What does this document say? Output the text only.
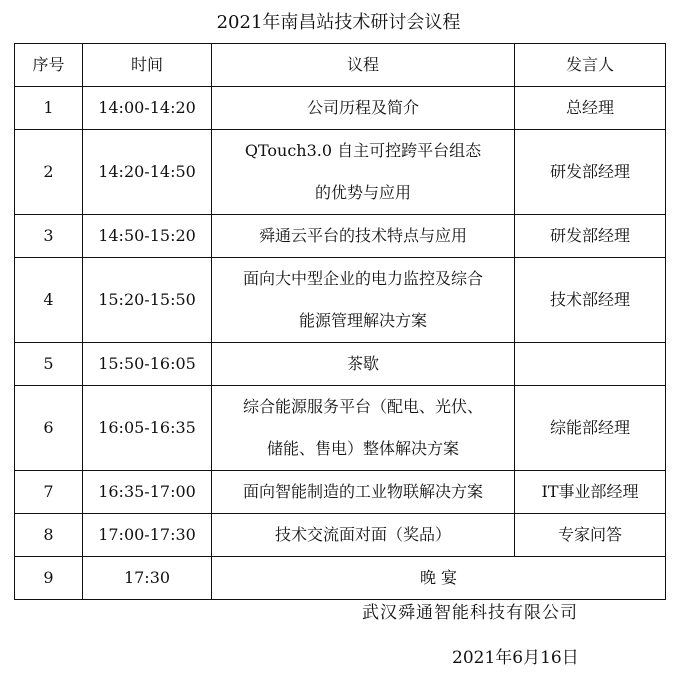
2021年南昌站技术研讨会议程
序号	时间	议程	发言人
1	14:00-14:20	公司历程及简介	总经理
2	14:20-14:50	QTouch3.0 自主可控跨平台组态
的优势与应用	研发部经理
3	14:50-15:20	舜通云平台的技术特点与应用	研发部经理
4	15:20-15:50	面向大中型企业的电力监控及综合
能源管理解决方案	技术部经理
5	15:50-16:05	茶歇	

6	16:05-16:35	综合能源服务平台（配电、光伏、
储能、售电）整体解决方案	综能部经理
7	16:35-17:00	面向智能制造的工业物联解决方案	IT事业部经理
8	17:00-17:30	技术交流面对面（奖品）	专家问答
9	17:30	晚 宴	
武汉舜通智能科技有限公司
2021年6月16日
